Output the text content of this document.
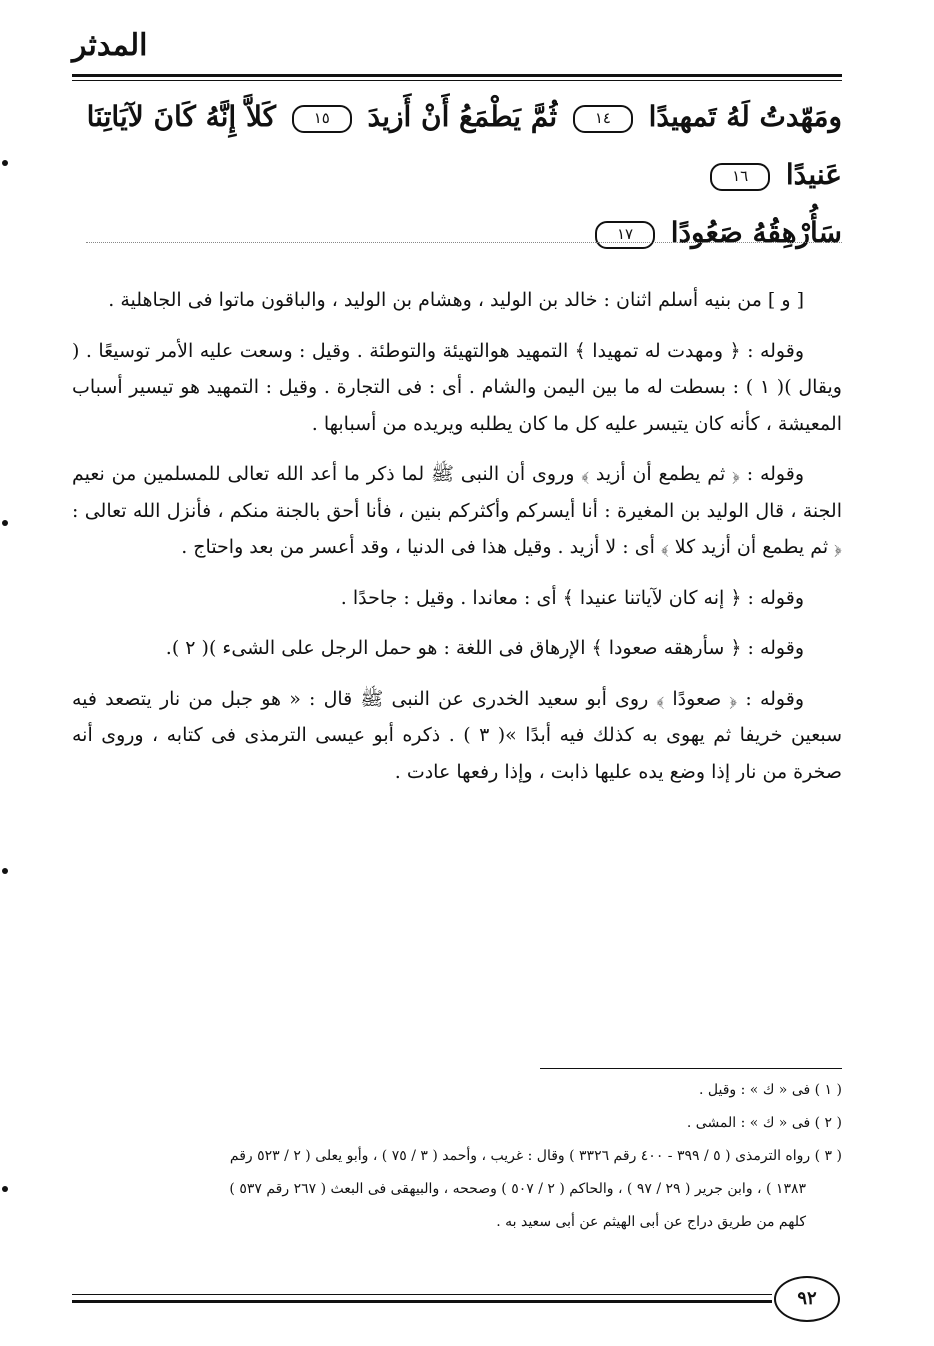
المدثر
ومَهّدتُ لَهُ تَمهيدًا ١٤ ثُمَّ يَطْمَعُ أَنْ أَزيدَ ١٥ كَلاَّ إِنَّهُ كَانَ لآيَاتِنَا عَنيدًا ١٦
سَأُرْهِقُهُ صَعُودًا ١٧

[ و ] من بنيه أسلم اثنان : خالد بن الوليد ، وهشام بن الوليد ، والباقون ماتوا فى الجاهلية .

وقوله : ﴿ ومهدت له تمهيدا ﴾ التمهيد هوالتهيئة والتوطئة . وقيل : وسعت عليه الأمر توسيعًا . ( ويقال )( ١ ) : بسطت له ما بين اليمن والشام . أى : فى التجارة . وقيل : التمهيد هو تيسير أسباب المعيشة ، كأنه كان يتيسر عليه كل ما كان يطلبه ويريده من أسبابها .

وقوله : ﴿ ثم يطمع أن أزيد ﴾ وروى أن النبى ﷺ لما ذكر ما أعد الله تعالى للمسلمين من نعيم الجنة ، قال الوليد بن المغيرة : أنا أيسركم وأكثركم بنين ، فأنا أحق بالجنة منكم ، فأنزل الله تعالى : ﴿ ثم يطمع أن أزيد كلا ﴾ أى : لا أزيد . وقيل هذا فى الدنيا ، وقد أعسر من بعد واحتاج .

وقوله : ﴿ إنه كان لآياتنا عنيدا ﴾ أى : معاندا . وقيل : جاحدًا .

وقوله : ﴿ سأرهقه صعودا ﴾ الإرهاق فى اللغة : هو حمل الرجل على الشىء )( ٢ ).

وقوله : ﴿ صعودًا ﴾ روى أبو سعيد الخدرى عن النبى ﷺ قال : « هو جبل من نار يتصعد فيه سبعين خريفا ثم يهوى به كذلك فيه أبدًا »( ٣ ) . ذكره أبو عيسى الترمذى فى كتابه ، وروى أنه صخرة من نار إذا وضع يده عليها ذابت ، وإذا رفعها عادت .

( ١ ) فى « ك » : وقيل .

( ٢ ) فى « ك » : المشى .

( ٣ ) رواه الترمذى ( ٥ / ٣٩٩ - ٤٠٠ رقم ٣٣٢٦ ) وقال : غريب ، وأحمد ( ٣ / ٧٥ ) ، وأبو يعلى ( ٢ / ٥٢٣ رقم

١٣٨٣ ) ، وابن جرير ( ٢٩ / ٩٧ ) ، والحاكم ( ٢ / ٥٠٧ ) وصححه ، والبيهقى فى البعث ( ٢٦٧ رقم ٥٣٧ )

كلهم من طريق دراج عن أبى الهيثم عن أبى سعيد به .

٩٢
